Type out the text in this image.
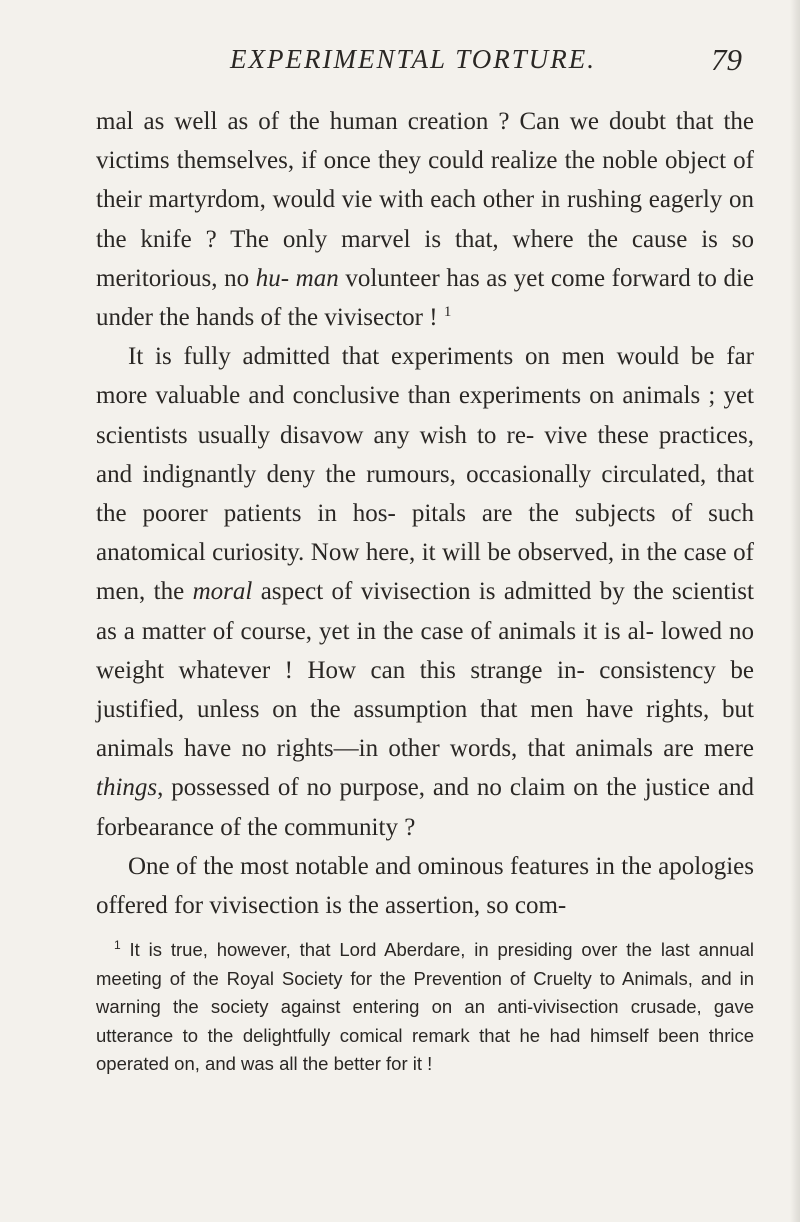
EXPERIMENTAL TORTURE.	79

mal as well as of the human creation ? Can we doubt that the victims themselves, if once they could realize the noble object of their martyrdom, would vie with each other in rushing eagerly on the knife ? The only marvel is that, where the cause is so meritorious, no hu- man volunteer has as yet come forward to die under the hands of the vivisector ! $^1$

It is fully admitted that experiments on men would be far more valuable and conclusive than experiments on animals ; yet scientists usually disavow any wish to re- vive these practices, and indignantly deny the rumours, occasionally circulated, that the poorer patients in hos- pitals are the subjects of such anatomical curiosity. Now here, it will be observed, in the case of men, the moral aspect of vivisection is admitted by the scientist as a matter of course, yet in the case of animals it is al- lowed no weight whatever ! How can this strange in- consistency be justified, unless on the assumption that men have rights, but animals have no rights—in other words, that animals are mere things, possessed of no purpose, and no claim on the justice and forbearance of the community ?

One of the most notable and ominous features in the apologies offered for vivisection is the assertion, so com-

$^1$ It is true, however, that Lord Aberdare, in presiding over the last annual meeting of the Royal Society for the Prevention of Cruelty to Animals, and in warning the society against entering on an anti-vivisection crusade, gave utterance to the delightfully comical remark that he had himself been thrice operated on, and was all the better for it !
